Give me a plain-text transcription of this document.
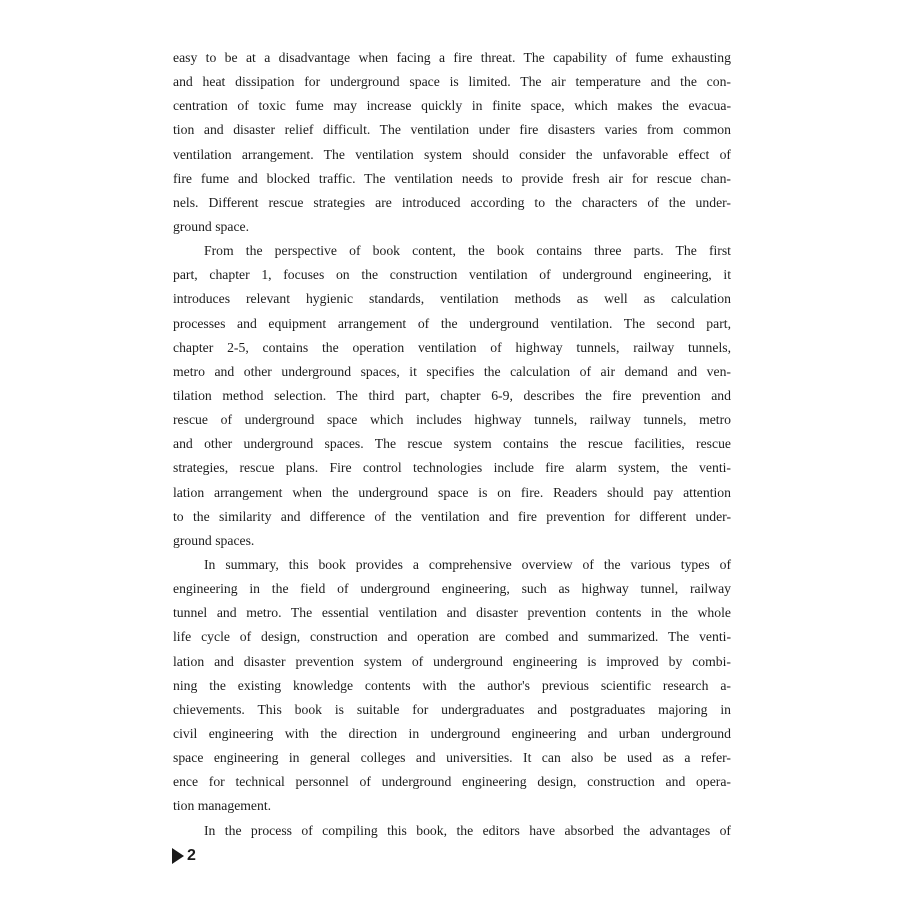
easy to be at a disadvantage when facing a fire threat. The capability of fume exhausting
and heat dissipation for underground space is limited. The air temperature and the con-
centration of toxic fume may increase quickly in finite space, which makes the evacua-
tion and disaster relief difficult. The ventilation under fire disasters varies from common
ventilation arrangement. The ventilation system should consider the unfavorable effect of
fire fume and blocked traffic. The ventilation needs to provide fresh air for rescue chan-
nels. Different rescue strategies are introduced according to the characters of the under-
ground space.
From the perspective of book content, the book contains three parts. The first
part, chapter 1, focuses on the construction ventilation of underground engineering, it
introduces relevant hygienic standards, ventilation methods as well as calculation
processes and equipment arrangement of the underground ventilation. The second part,
chapter 2-5, contains the operation ventilation of highway tunnels, railway tunnels,
metro and other underground spaces, it specifies the calculation of air demand and ven-
tilation method selection. The third part, chapter 6-9, describes the fire prevention and
rescue of underground space which includes highway tunnels, railway tunnels, metro
and other underground spaces. The rescue system contains the rescue facilities, rescue
strategies, rescue plans. Fire control technologies include fire alarm system, the venti-
lation arrangement when the underground space is on fire. Readers should pay attention
to the similarity and difference of the ventilation and fire prevention for different under-
ground spaces.
In summary, this book provides a comprehensive overview of the various types of
engineering in the field of underground engineering, such as highway tunnel, railway
tunnel and metro. The essential ventilation and disaster prevention contents in the whole
life cycle of design, construction and operation are combed and summarized. The venti-
lation and disaster prevention system of underground engineering is improved by combi-
ning the existing knowledge contents with the author's previous scientific research a-
chievements. This book is suitable for undergraduates and postgraduates majoring in
civil engineering with the direction in underground engineering and urban underground
space engineering in general colleges and universities. It can also be used as a refer-
ence for technical personnel of underground engineering design, construction and opera-
tion management.
In the process of compiling this book, the editors have absorbed the advantages of
2
